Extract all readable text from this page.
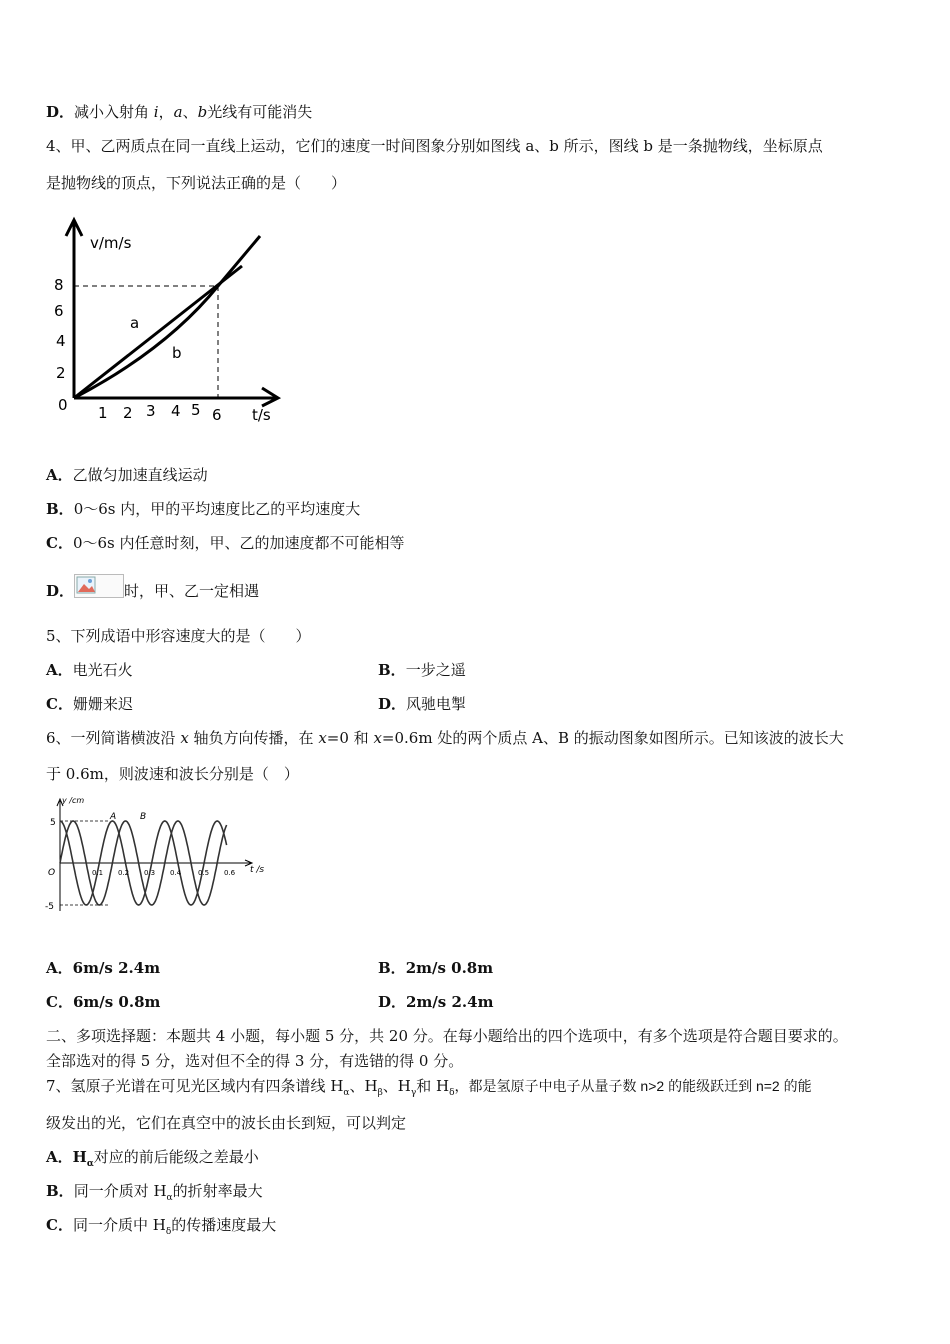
D．减小入射角 i，a、b光线有可能消失
4、甲、乙两质点在同一直线上运动，它们的速度一时间图象分别如图线 a、b 所示，图线 b 是一条抛物线，坐标原点
是抛物线的顶点，下列说法正确的是（　　）
v/m/s
t/s
8
6
4
2
0 1 2 3 4 5 6
a
b
A．乙做匀加速直线运动
B．0～6s 内，甲的平均速度比乙的平均速度大
C．0～6s 内任意时刻，甲、乙的加速度都不可能相等
D．	时，甲、乙一定相遇
5、下列成语中形容速度大的是（　　）
A．电光石火	B．一步之遥
C．姗姗来迟	D．风驰电掣
6、一列简谐横波沿 x 轴负方向传播，在 x=0 和 x=0.6m 处的两个质点 A、B 的振动图象如图所示。已知该波的波长大
于 0.6m，则波速和波长分别是（　）
y /cm
t /s
O
5
-5
0.1 0.2 0.3 0.4 0.5 0.6
A	B
A．6m/s 2.4m	B．2m/s 0.8m
C．6m/s 0.8m	D．2m/s 2.4m
二、多项选择题：本题共 4 小题，每小题 5 分，共 20 分。在每小题给出的四个选项中，有多个选项是符合题目要求的。
全部选对的得 5 分，选对但不全的得 3 分，有选错的得 0 分。
7、氢原子光谱在可见光区域内有四条谱线 $H_\alpha$、$H_\beta$、$H_\gamma$和 $H_\delta$，都是氢原子中电子从量子数 n>2 的能级跃迁到 n=2 的能
级发出的光，它们在真空中的波长由长到短，可以判定
A．$H_\alpha$对应的前后能级之差最小
B．同一介质对 $H_\alpha$的折射率最大
C．同一介质中 $H_\delta$的传播速度最大
